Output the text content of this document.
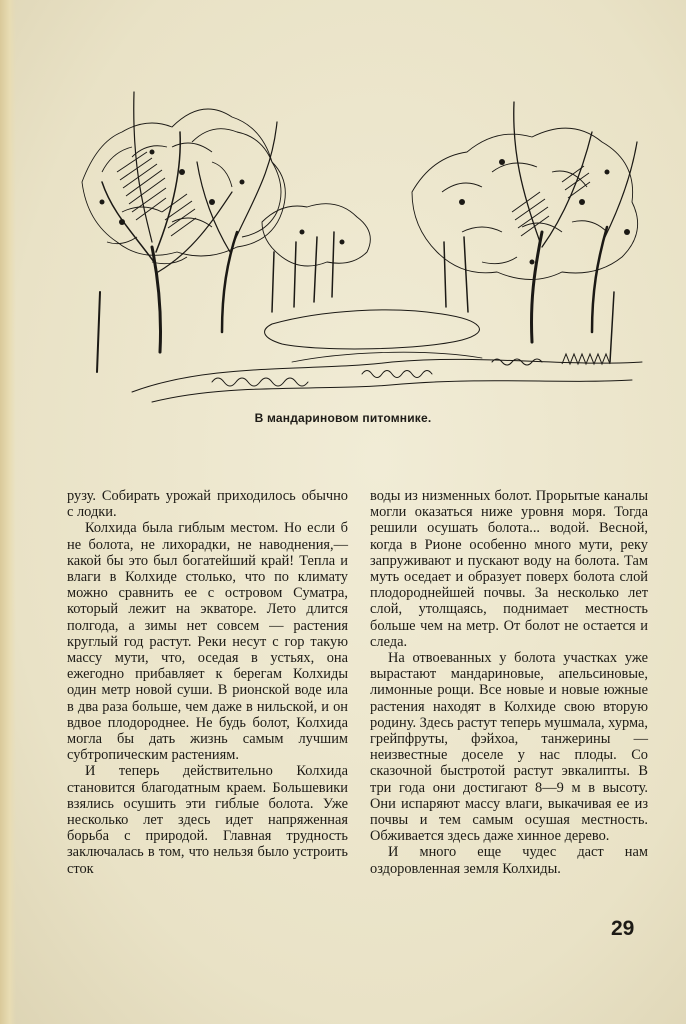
В мандариновом питомнике.

рузу. Собирать урожай приходилось обычно с лодки.

Колхида была гиблым местом. Но если б не болота, не лихорадки, не наводнения,—какой бы это был богатейший край! Тепла и влаги в Колхиде столько, что по климату можно сравнить ее с островом Суматра, который лежит на экваторе. Лето длится полгода, а зимы нет совсем — растения круглый год растут. Реки несут с гор такую массу мути, что, оседая в устьях, она ежегодно прибавляет к берегам Колхиды один метр новой суши. В рионской воде ила в два раза больше, чем даже в нильской, и он вдвое плодороднее. Не будь болот, Колхида могла бы дать жизнь самым лучшим субтропическим растениям.

И теперь действительно Колхида становится благодатным краем. Большевики взялись осушить эти гиблые болота. Уже несколько лет здесь идет напряженная борьба с природой. Главная трудность заключалась в том, что нельзя было устроить сток

воды из низменных болот. Прорытые каналы могли оказаться ниже уровня моря. Тогда решили осушать болота... водой. Весной, когда в Рионе особенно много мути, реку запруживают и пускают воду на болота. Там муть оседает и образует поверх болота слой плодороднейшей почвы. За несколько лет слой, утолщаясь, поднимает местность больше чем на метр. От болот не остается и следа.

На отвоеванных у болота участках уже вырастают мандариновые, апельсиновые, лимонные рощи. Все новые и новые южные растения находят в Колхиде свою вторую родину. Здесь растут теперь мушмала, хурма, грейпфруты, фэйхоа, танжерины — неизвестные доселе у нас плоды. Со сказочной быстротой растут эвкалипты. В три года они достигают 8—9 м в высоту. Они испаряют массу влаги, выкачивая ее из почвы и тем самым осушая местность. Обживается здесь даже хинное дерево.

И много еще чудес даст нам оздоровленная земля Колхиды.

29
